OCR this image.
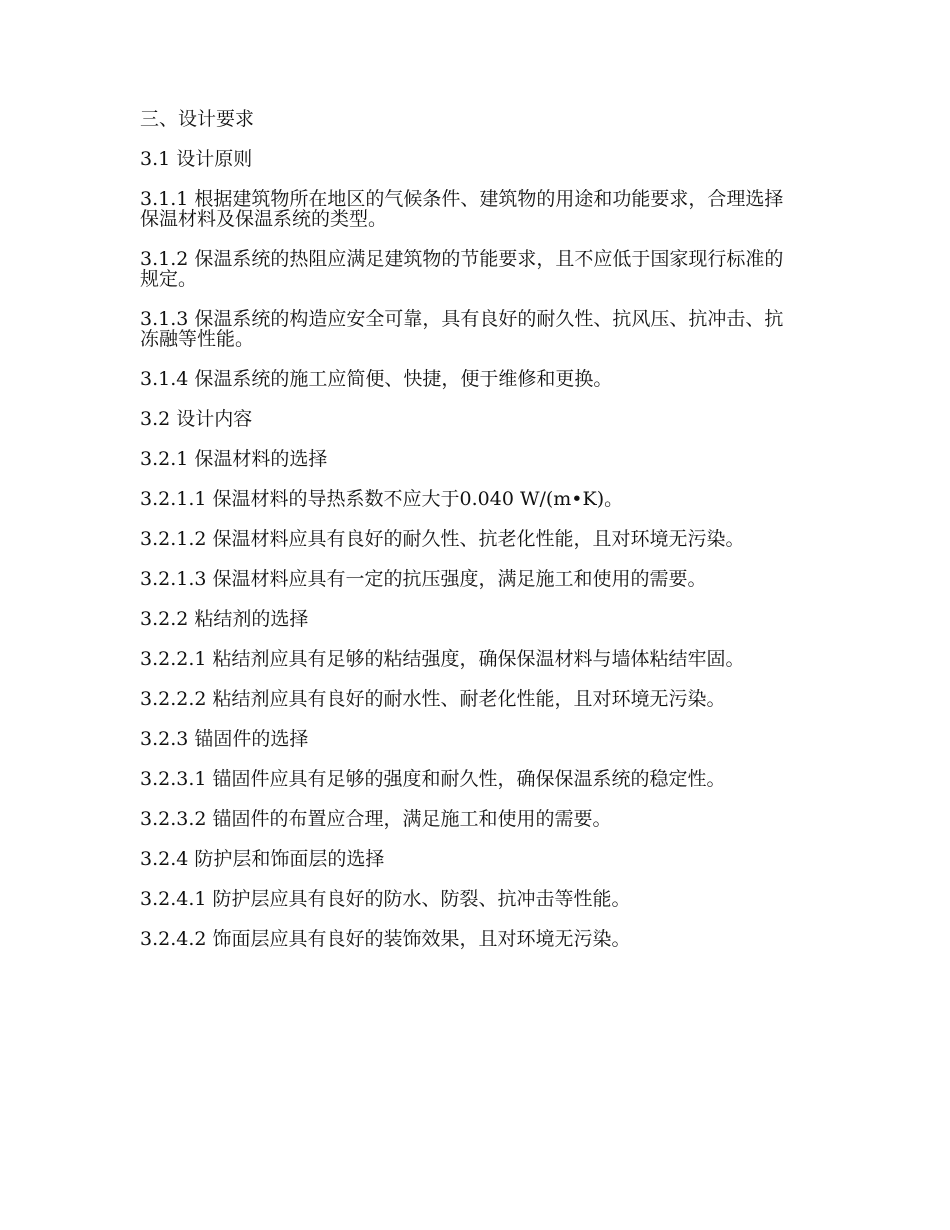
三、设计要求

3.1 设计原则

3.1.1 根据建筑物所在地区的气候条件、建筑物的用途和功能要求，合理选择保温材料及保温系统的类型。

3.1.2 保温系统的热阻应满足建筑物的节能要求，且不应低于国家现行标准的规定。

3.1.3 保温系统的构造应安全可靠，具有良好的耐久性、抗风压、抗冲击、抗冻融等性能。

3.1.4 保温系统的施工应简便、快捷，便于维修和更换。

3.2 设计内容

3.2.1 保温材料的选择

3.2.1.1 保温材料的导热系数不应大于0.040 W/(m•K)。

3.2.1.2 保温材料应具有良好的耐久性、抗老化性能，且对环境无污染。

3.2.1.3 保温材料应具有一定的抗压强度，满足施工和使用的需要。

3.2.2 粘结剂的选择

3.2.2.1 粘结剂应具有足够的粘结强度，确保保温材料与墙体粘结牢固。

3.2.2.2 粘结剂应具有良好的耐水性、耐老化性能，且对环境无污染。

3.2.3 锚固件的选择

3.2.3.1 锚固件应具有足够的强度和耐久性，确保保温系统的稳定性。

3.2.3.2 锚固件的布置应合理，满足施工和使用的需要。

3.2.4 防护层和饰面层的选择

3.2.4.1 防护层应具有良好的防水、防裂、抗冲击等性能。

3.2.4.2 饰面层应具有良好的装饰效果，且对环境无污染。
